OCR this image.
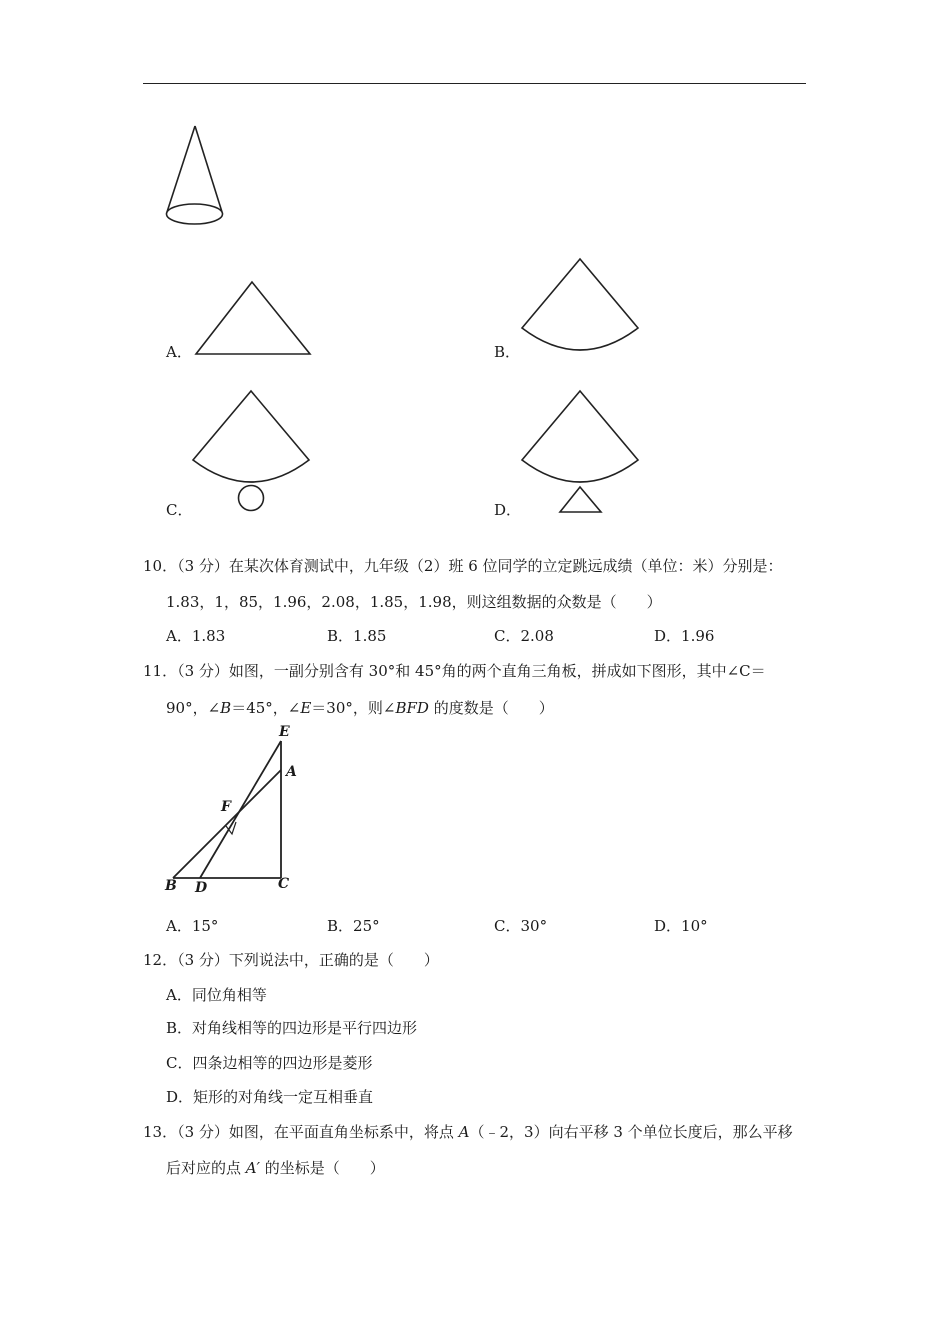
A．	B．
C．	D．
10．（3 分）在某次体育测试中，九年级（2）班 6 位同学的立定跳远成绩（单位：米）分别是：
1.83，1，85，1.96，2.08，1.85，1.98，则这组数据的众数是（　　）
A．1.83	B．1.85	C．2.08	D．1.96
11．（3 分）如图，一副分别含有 30°和 45°角的两个直角三角板，拼成如下图形，其中∠C＝
90°，∠B＝45°，∠E＝30°，则∠BFD 的度数是（　　）
E
A
F
B D	C
A．15°	B．25°	C．30°	D．10°
12．（3 分）下列说法中，正确的是（　　）
A．同位角相等
B．对角线相等的四边形是平行四边形
C．四条边相等的四边形是菱形
D．矩形的对角线一定互相垂直
13．（3 分）如图，在平面直角坐标系中，将点 A（﹣2，3）向右平移 3 个单位长度后，那么平移
后对应的点 A′ 的坐标是（　　）
